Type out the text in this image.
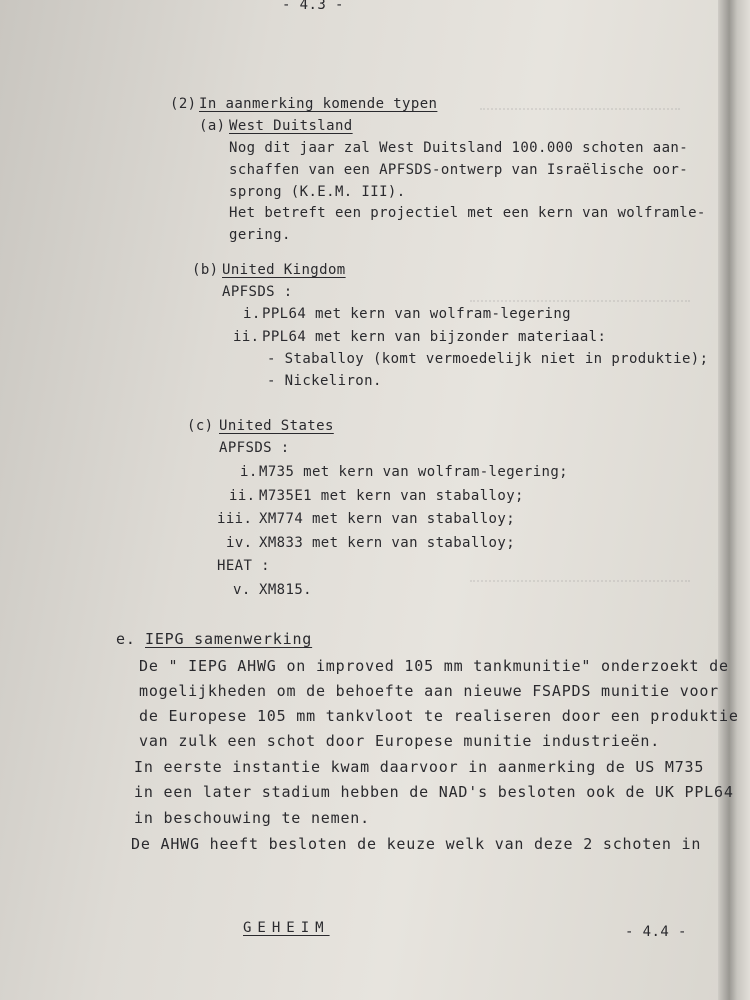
- 4.3 -
(2) In aanmerking komende typen
(a) West Duitsland
Nog dit jaar zal West Duitsland 100.000 schoten aan-
schaffen van een APFSDS-ontwerp van Israëlische oor-
sprong (K.E.M. III).
Het betreft een projectiel met een kern van wolframle-
gering.
(b) United Kingdom
APFSDS :
i. PPL64 met kern van wolfram-legering
ii. PPL64 met kern van bijzonder materiaal:
- Staballoy (komt vermoedelijk niet in produktie);
- Nickeliron.
(c) United States
APFSDS :
i. M735 met kern van wolfram-legering;
ii. M735E1 met kern van staballoy;
iii. XM774 met kern van staballoy;
iv. XM833 met kern van staballoy;
HEAT :
v. XM815.
e. IEPG samenwerking
De " IEPG AHWG on improved 105 mm tankmunitie" onderzoekt de
mogelijkheden om de behoefte aan nieuwe FSAPDS munitie voor
de Europese 105 mm tankvloot te realiseren door een produktie
van zulk een schot door Europese munitie industrieën.
In eerste instantie kwam daarvoor in aanmerking de US M735
in een later stadium hebben de NAD's besloten ook de UK PPL64
in beschouwing te nemen.
De AHWG heeft besloten de keuze welk van deze 2 schoten in
GEHEIM	- 4.4 -
